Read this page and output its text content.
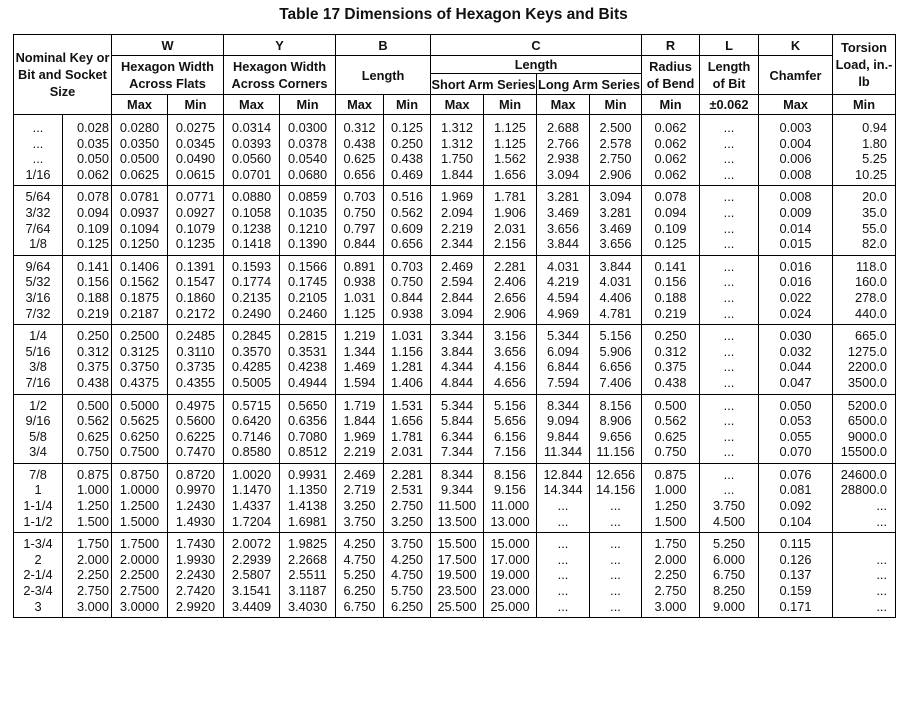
Table 17 Dimensions of Hexagon Keys and Bits
Nominal Key or Bit and Socket Size		W		Y		B		C				R	L	K	Torsion Load, in.-lb
		Hexagon Width Across Flats		Hexagon Width Across Corners		Length		Length				Radius of Bend	Length of Bit	Chamfer	
								Short Arm Series		Long Arm Series					
		Max	Min	Max	Min	Max	Min	Max	Min	Max	Min	Min	±0.062	Max	Min
...	0.028	0.0280	0.0275	0.0314	0.0300	0.312	0.125	1.312	1.125	2.688	2.500	0.062	...	0.003	0.94
...	0.035	0.0350	0.0345	0.0393	0.0378	0.438	0.250	1.312	1.125	2.766	2.578	0.062	...	0.004	1.80
...	0.050	0.0500	0.0490	0.0560	0.0540	0.625	0.438	1.750	1.562	2.938	2.750	0.062	...	0.006	5.25
1/16	0.062	0.0625	0.0615	0.0701	0.0680	0.656	0.469	1.844	1.656	3.094	2.906	0.062	...	0.008	10.25
5/64	0.078	0.0781	0.0771	0.0880	0.0859	0.703	0.516	1.969	1.781	3.281	3.094	0.078	...	0.008	20.0
3/32	0.094	0.0937	0.0927	0.1058	0.1035	0.750	0.562	2.094	1.906	3.469	3.281	0.094	...	0.009	35.0
7/64	0.109	0.1094	0.1079	0.1238	0.1210	0.797	0.609	2.219	2.031	3.656	3.469	0.109	...	0.014	55.0
1/8	0.125	0.1250	0.1235	0.1418	0.1390	0.844	0.656	2.344	2.156	3.844	3.656	0.125	...	0.015	82.0
9/64	0.141	0.1406	0.1391	0.1593	0.1566	0.891	0.703	2.469	2.281	4.031	3.844	0.141	...	0.016	118.0
5/32	0.156	0.1562	0.1547	0.1774	0.1745	0.938	0.750	2.594	2.406	4.219	4.031	0.156	...	0.016	160.0
3/16	0.188	0.1875	0.1860	0.2135	0.2105	1.031	0.844	2.844	2.656	4.594	4.406	0.188	...	0.022	278.0
7/32	0.219	0.2187	0.2172	0.2490	0.2460	1.125	0.938	3.094	2.906	4.969	4.781	0.219	...	0.024	440.0
1/4	0.250	0.2500	0.2485	0.2845	0.2815	1.219	1.031	3.344	3.156	5.344	5.156	0.250	...	0.030	665.0
5/16	0.312	0.3125	0.3110	0.3570	0.3531	1.344	1.156	3.844	3.656	6.094	5.906	0.312	...	0.032	1275.0
3/8	0.375	0.3750	0.3735	0.4285	0.4238	1.469	1.281	4.344	4.156	6.844	6.656	0.375	...	0.044	2200.0
7/16	0.438	0.4375	0.4355	0.5005	0.4944	1.594	1.406	4.844	4.656	7.594	7.406	0.438	...	0.047	3500.0
1/2	0.500	0.5000	0.4975	0.5715	0.5650	1.719	1.531	5.344	5.156	8.344	8.156	0.500	...	0.050	5200.0
9/16	0.562	0.5625	0.5600	0.6420	0.6356	1.844	1.656	5.844	5.656	9.094	8.906	0.562	...	0.053	6500.0
5/8	0.625	0.6250	0.6225	0.7146	0.7080	1.969	1.781	6.344	6.156	9.844	9.656	0.625	...	0.055	9000.0
3/4	0.750	0.7500	0.7470	0.8580	0.8512	2.219	2.031	7.344	7.156	11.344	11.156	0.750	...	0.070	15500.0
7/8	0.875	0.8750	0.8720	1.0020	0.9931	2.469	2.281	8.344	8.156	12.844	12.656	0.875	...	0.076	24600.0
1	1.000	1.0000	0.9970	1.1470	1.1350	2.719	2.531	9.344	9.156	14.344	14.156	1.000	...	0.081	28800.0
1-1/4	1.250	1.2500	1.2430	1.4337	1.4138	3.250	2.750	11.500	11.000	...	...	1.250	3.750	0.092	...
1-1/2	1.500	1.5000	1.4930	1.7204	1.6981	3.750	3.250	13.500	13.000	...	...	1.500	4.500	0.104	...
1-3/4	1.750	1.7500	1.7430	2.0072	1.9825	4.250	3.750	15.500	15.000	...	...	1.750	5.250	0.115	
2	2.000	2.0000	1.9930	2.2939	2.2668	4.750	4.250	17.500	17.000	...	...	2.000	6.000	0.126	...
2-1/4	2.250	2.2500	2.2430	2.5807	2.5511	5.250	4.750	19.500	19.000	...	...	2.250	6.750	0.137	...
2-3/4	2.750	2.7500	2.7420	3.1541	3.1187	6.250	5.750	23.500	23.000	...	...	2.750	8.250	0.159	...
3	3.000	3.0000	2.9920	3.4409	3.4030	6.750	6.250	25.500	25.000	...	...	3.000	9.000	0.171	...
